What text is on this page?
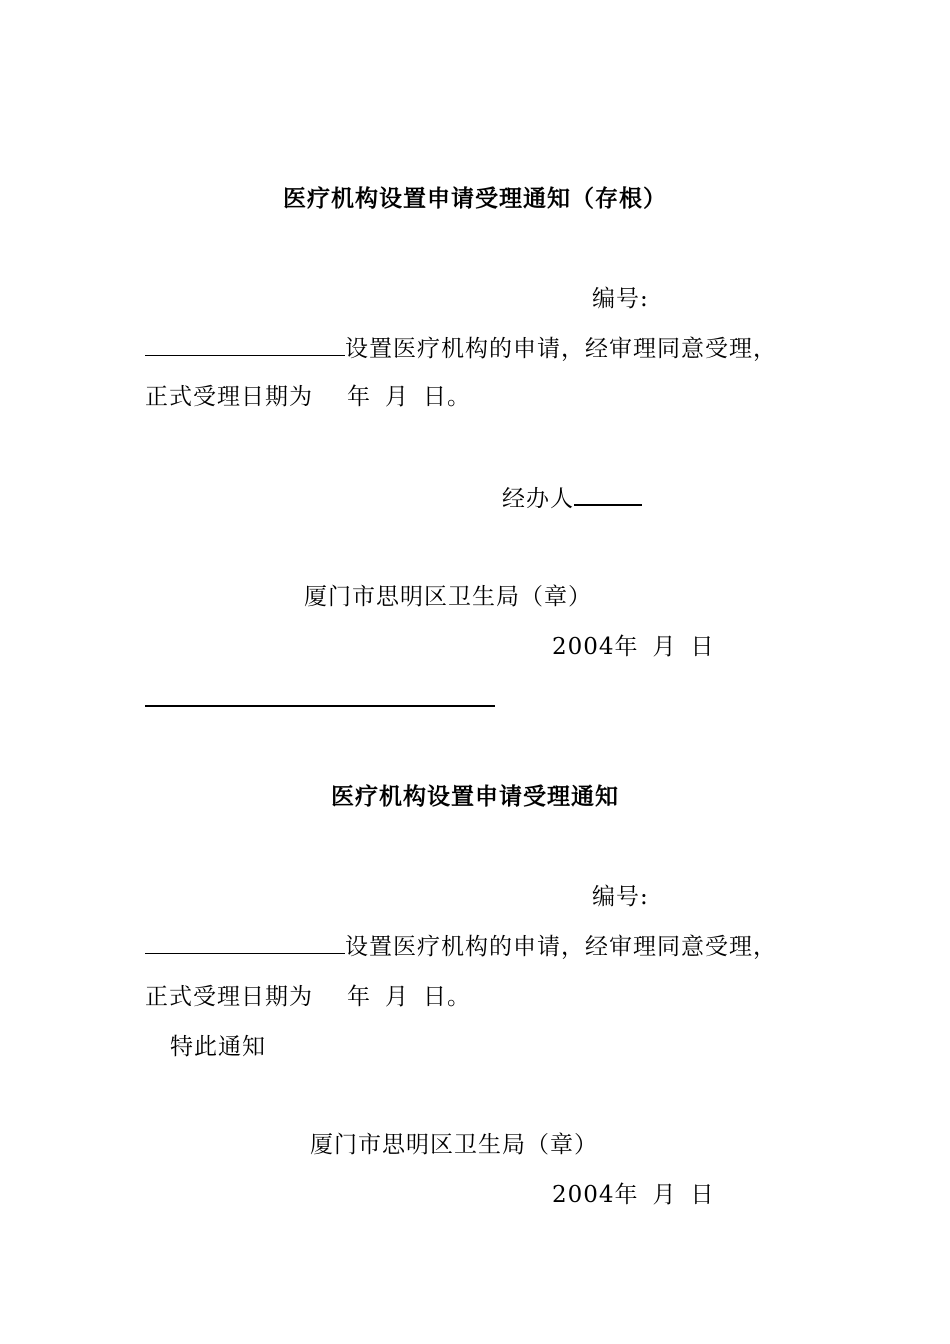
医疗机构设置申请受理通知（存根）
编号:
设置医疗机构的申请，经审理同意受理，
正式受理日期为 年 月 日。
经办人
厦门市思明区卫生局（章）
2004年 月 日
医疗机构设置申请受理通知
编号:
设置医疗机构的申请，经审理同意受理，
正式受理日期为 年 月 日。
特此通知
厦门市思明区卫生局（章）
2004年 月 日
